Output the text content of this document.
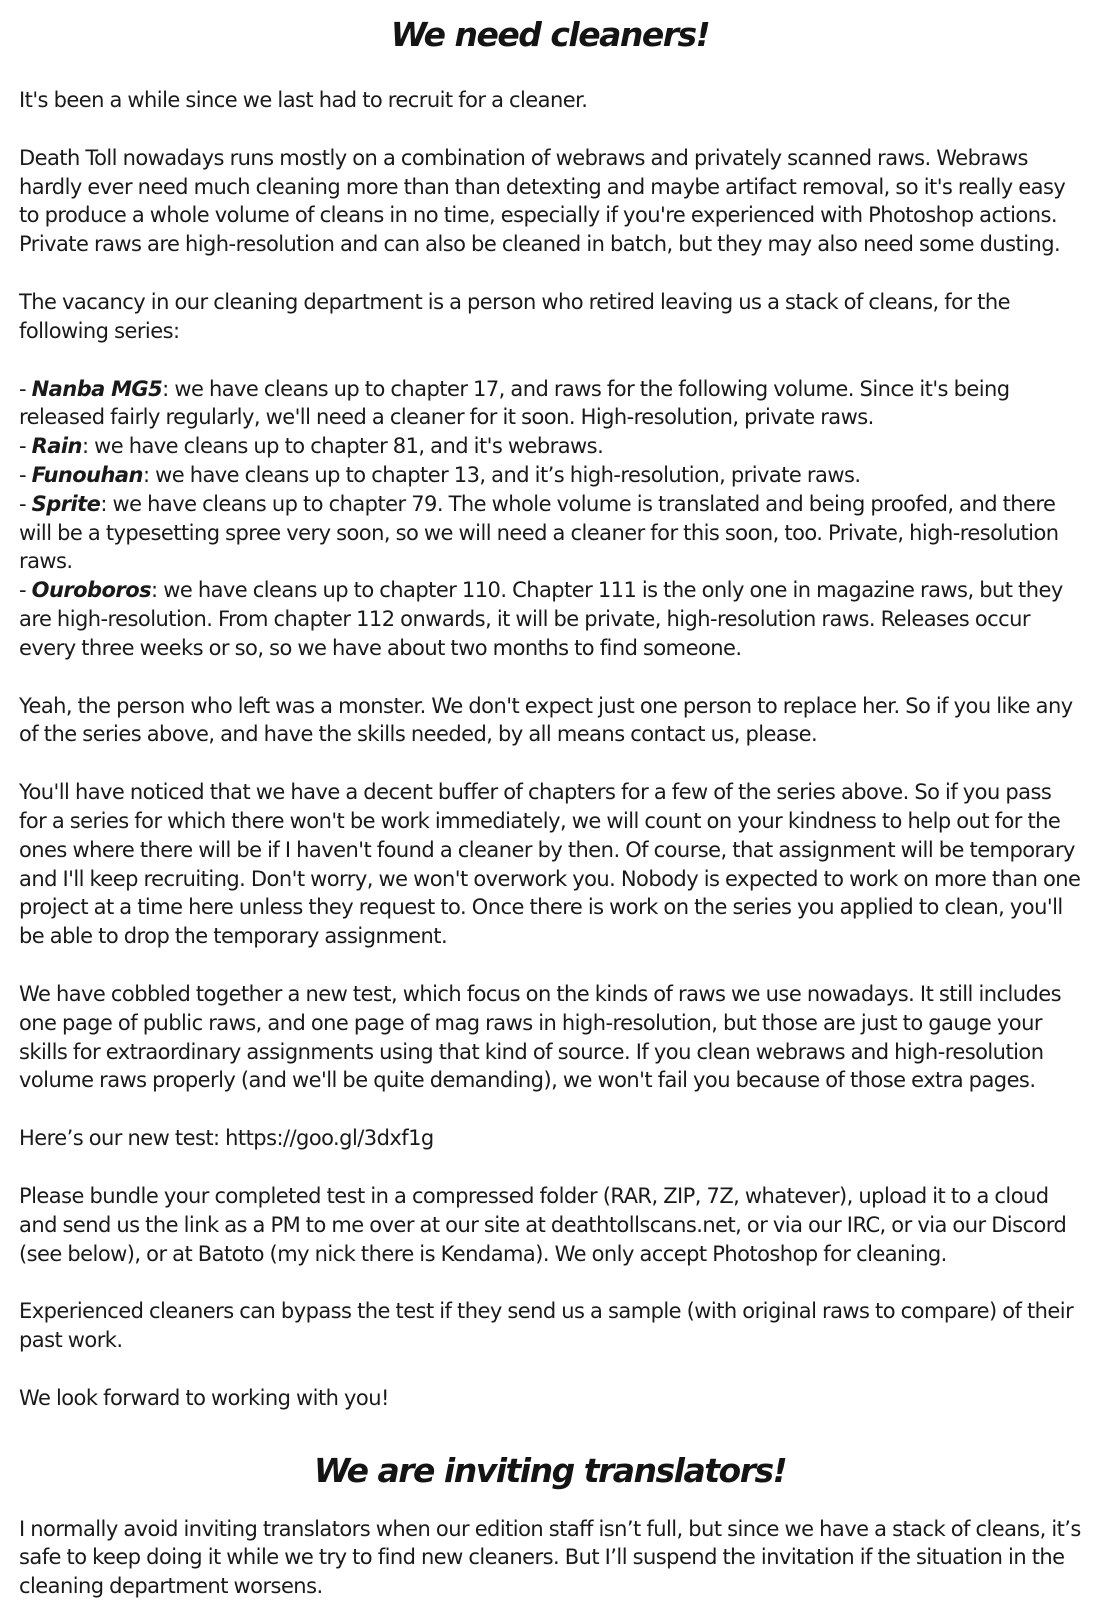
We need cleaners!

It's been a while since we last had to recruit for a cleaner.

Death Toll nowadays runs mostly on a combination of webraws and privately scanned raws. Webraws hardly ever need much cleaning more than than detexting and maybe artifact removal, so it's really easy to produce a whole volume of cleans in no time, especially if you're experienced with Photoshop actions. Private raws are high-resolution and can also be cleaned in batch, but they may also need some dusting.

The vacancy in our cleaning department is a person who retired leaving us a stack of cleans, for the following series:

- Nanba MG5: we have cleans up to chapter 17, and raws for the following volume. Since it's being released fairly regularly, we'll need a cleaner for it soon. High-resolution, private raws.
- Rain: we have cleans up to chapter 81, and it's webraws.
- Funouhan: we have cleans up to chapter 13, and it’s high-resolution, private raws.
- Sprite: we have cleans up to chapter 79. The whole volume is translated and being proofed, and there will be a typesetting spree very soon, so we will need a cleaner for this soon, too. Private, high-resolution raws.
- Ouroboros: we have cleans up to chapter 110. Chapter 111 is the only one in magazine raws, but they are high-resolution. From chapter 112 onwards, it will be private, high-resolution raws. Releases occur every three weeks or so, so we have about two months to find someone.

Yeah, the person who left was a monster. We don't expect just one person to replace her. So if you like any of the series above, and have the skills needed, by all means contact us, please.

You'll have noticed that we have a decent buffer of chapters for a few of the series above. So if you pass for a series for which there won't be work immediately, we will count on your kindness to help out for the ones where there will be if I haven't found a cleaner by then. Of course, that assignment will be temporary and I'll keep recruiting. Don't worry, we won't overwork you. Nobody is expected to work on more than one project at a time here unless they request to. Once there is work on the series you applied to clean, you'll be able to drop the temporary assignment.

We have cobbled together a new test, which focus on the kinds of raws we use nowadays. It still includes one page of public raws, and one page of mag raws in high-resolution, but those are just to gauge your skills for extraordinary assignments using that kind of source. If you clean webraws and high-resolution volume raws properly (and we'll be quite demanding), we won't fail you because of those extra pages.

Here’s our new test: https://goo.gl/3dxf1g

Please bundle your completed test in a compressed folder (RAR, ZIP, 7Z, whatever), upload it to a cloud and send us the link as a PM to me over at our site at deathtollscans.net, or via our IRC, or via our Discord (see below), or at Batoto (my nick there is Kendama). We only accept Photoshop for cleaning.

Experienced cleaners can bypass the test if they send us a sample (with original raws to compare) of their past work.

We look forward to working with you!

We are inviting translators!

I normally avoid inviting translators when our edition staff isn’t full, but since we have a stack of cleans, it’s safe to keep doing it while we try to find new cleaners. But I’ll suspend the invitation if the situation in the cleaning department worsens.
